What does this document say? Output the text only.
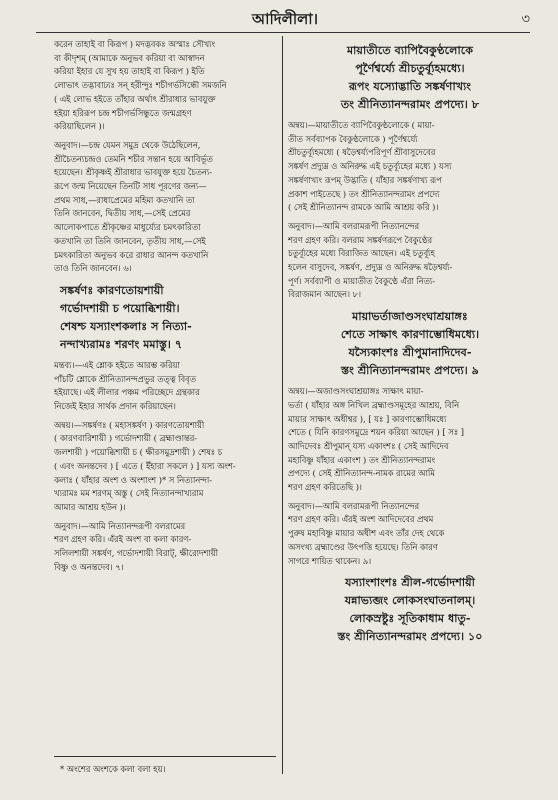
আদিলীলা।	৩

করেন তাহাই বা কিরূপ ) মদদ্ভবকঃ অস্মাঃ সৌখ্যং
বা কীদৃশম্ (আমাকে অনুভব করিয়া বা আস্বাদন
করিয়া ইহার যে সুখ হয় তাহাই বা কিরূপ ) ইতি
লোভাৎ তদ্ভাবাঢ্যঃ সন্ হরীন্দুঃ শচীগর্ভসিন্ধৌ সমজনি
( এই লোভ হইতে তাঁহার অর্থাৎ শ্রীরাধার ভাবযুক্ত
হইয়া হরিরূপ চন্দ্র শচীগর্ভসিন্ধুতে জন্মগ্রহণ
করিয়াছিলেন )।

অনুবাদ।—চন্দ্র যেমন সমুদ্র থেকে উঠেছিলেন,
শ্রীচৈতন্যচন্দ্রও তেমনি শচীর সন্তান হয়ে আবির্ভূত
হয়েছেন। শ্রীকৃষ্ণই শ্রীরাধার ভাবযুক্ত হয়ে চৈতন্য-
রূপে জন্ম নিয়েছেন তিনটি সাধ পূরণের জন্য—
প্রথম সাধ,—রাধাপ্রেমের মহিমা কতখানি তা
তিনি জানবেন, দ্বিতীয় সাধ,—সেই প্রেমের
আলোকপাতে শ্রীকৃষ্ণের মাধুর্য্যের চমৎকারিতা
কতখানি তা তিনি জানবেন, তৃতীয় সাধ,—সেই
চমৎকারিতা অনুভব করে রাধার আনন্দ কতখানি
তাও তিনি জানবেন। ৬।

সঙ্কর্ষণঃ কারণতোয়শায়ী
গর্ভোদশায়ী চ পয়োব্ধিশায়ী।
শেষশ্চ যস্যাংশকলাঃ স নিত্যা-
নন্দাখ্যরামঃ শরণং মমাস্তু। ৭

মন্তব্য।—এই শ্লোক হইতে আরম্ভ করিয়া
পাঁচটি শ্লোকে শ্রীনিত্যানন্দপ্রভুর তত্ত্ব বিবৃত
হইয়াছে। এই লীলার পঞ্চম পরিচ্ছেদে গ্রন্থকার
নিজেই ইহার সার্থক প্রদান করিয়াছেন।

অন্বয়।—সঙ্কর্ষণঃ ( মহাসঙ্কর্ষণ ) কারণতোয়শায়ী
( কারণবারিশায়ী ) গর্ভোদশায়ী ( ব্রহ্মাণ্ডান্তর-
জলশায়ী ) পয়োব্ধিশায়ী চ ( ক্ষীরসমুদ্রশায়ী ) শেষঃ চ
( এবং অনন্তদেব ) [ এতে ( ইঁহারা সকলে ) ] যস্য অংশ-
কলাঃ ( যাঁহার অংশ ও অংশাংশ )* স নিত্যানন্দা-
খ্যরামঃ মম শরণম্ অস্তু ( সেই নিত্যানন্দাখ্যরাম
আমার আশ্রয় হউন )।

অনুবাদ।—আমি নিত্যানন্দরূপী বলরামের
শরণ গ্রহণ করি। এঁরই অংশ বা কলা কারণ-
সলিলশায়ী সঙ্কর্ষণ, গর্ভোদশায়ী বিরাট্, ক্ষীরোদশায়ী
বিষ্ণু ও অনন্তদেব। ৭।

* অংশের অংশকে কলা বলা হয়।
মায়াতীতে ব্যাপিবৈকুণ্ঠলোকে
পূর্ণৈশ্বর্য্যে শ্রীচতুর্ব্যূহমধ্যে।
রূপং যস্যোদ্ভাতি সঙ্কর্ষণাখ্যং
তং শ্রীনিত্যানন্দরামং প্রপদ্যে। ৮

অন্বয়।—মায়াতীতে ব্যাপিবৈকুণ্ঠলোকে ( মায়া-
তীত সর্বব্যাপক বৈকুণ্ঠলোকে ) পূর্ণৈশ্বর্য্যে
শ্রীচতুর্ব্যূহমধ্যে ( ষড়ৈশ্বর্য্যপরিপূর্ণ শ্রীবাসুদেবের
সঙ্কর্ষণ প্রদ্যুম্ন ও অনিরুদ্ধ এই চতুর্ব্যূহের মধ্যে ) যস্য
সঙ্কর্ষণাখ্যং রূপম্ উদ্ভাতি ( যাঁহার সঙ্কর্ষণাখ্য রূপ
প্রকাশ পাইতেছে ) তং শ্রীনিত্যানন্দরামং প্রপদ্যে
( সেই শ্রীনিত্যানন্দ রামকে আমি আশ্রয় করি )।

অনুবাদ।—আমি বলরামরূপী নিত্যানন্দের
শরণ গ্রহণ করি। বলরাম সঙ্কর্ষণরূপে বৈকুণ্ঠের
চতুর্ব্যূহের মধ্যে বিরাজিত আছেন। এই চতুর্ব্যূহ
হলেন বাসুদেব, সঙ্কর্ষণ, প্রদ্যুম্ন ও অনিরুদ্ধ ষড়ৈশ্বর্য্য-
পূর্ণ। সর্বব্যাপী ও মায়াতীত বৈকুণ্ঠে এঁরা নিত্য-
বিরাজমান আছেন। ৮।

মায়াভর্তাজাণ্ডসংঘাশ্রয়াঙ্গঃ
শেতে সাক্ষাৎ কারণাম্ভোধিমধ্যে।
যস্যৈকাংশঃ শ্রীপুমানাদিদেব-
স্তং শ্রীনিত্যানন্দরামং প্রপদ্যে। ৯

অন্বয়।—অজাণ্ডসংঘাশ্রয়াঙ্গঃ সাক্ষাৎ মায়া-
ভর্তা ( যাঁহার অঙ্গ নিখিল ব্রহ্মাণ্ডসমূহের আশ্রয়, বিনি
মায়ার সাক্ষাৎ অধীশ্বর ), [ যঃ ] কারণাম্ভোধিমধ্যে
শেতে ( যিনি কারণসমুদ্রে শয়ন করিয়া আছেন ) [ সঃ ]
আদিদেবঃ শ্রীপুমান্ যস্য একাংশঃ ( সেই আদিদেব
মহাবিষ্ণু যাঁহার একাংশ ) তং শ্রীনিত্যানন্দরামং
প্রপদ্যে ( সেই শ্রীনিত্যানন্দ-নামক রামের আমি
শরণ গ্রহণ করিতেছি )।

অনুবাদ।—আমি বলরামরূপী নিত্যানন্দের
শরণ গ্রহণ করি। এঁরই অংশ আদিদেবের প্রথম
পুরুষ মহাবিষ্ণু মায়ার অধীশ এবং তাঁর দেহ থেকে
অসংখ্য ব্রহ্মাণ্ডের উৎপত্তি হয়েছে। তিনি কারণ
সাগরে শায়িত থাকেন। ৯।

যস্যাংশাংশঃ শ্রীল-গর্ভোদশায়ী
যন্নাভ্যব্জং লোকসংঘাতনালম্।
লোকস্রষ্টুঃ সূতিকাধাম ধাতু-
স্তং শ্রীনিত্যানন্দরামং প্রপদ্যে। ১০
